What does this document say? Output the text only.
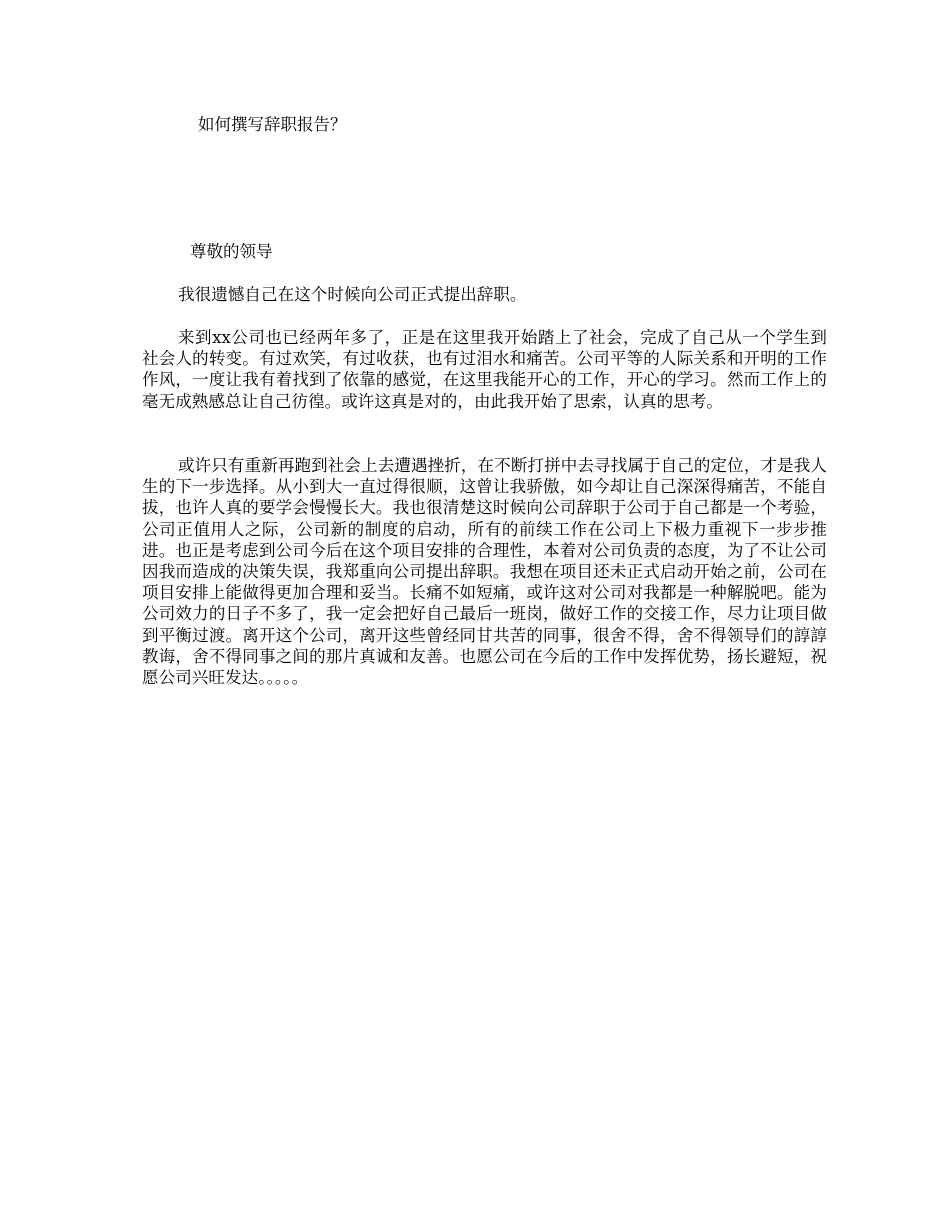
如何撰写辞职报告？
尊敬的领导

我很遗憾自己在这个时候向公司正式提出辞职。

来到xx公司也已经两年多了，正是在这里我开始踏上了社会，完成了自己从一个学生到社会人的转变。有过欢笑，有过收获，也有过泪水和痛苦。公司平等的人际关系和开明的工作作风，一度让我有着找到了依靠的感觉，在这里我能开心的工作，开心的学习。然而工作上的毫无成熟感总让自己彷徨。或许这真是对的，由此我开始了思索，认真的思考。

或许只有重新再跑到社会上去遭遇挫折，在不断打拼中去寻找属于自己的定位，才是我人生的下一步选择。从小到大一直过得很顺，这曾让我骄傲，如今却让自己深深得痛苦，不能自拔，也许人真的要学会慢慢长大。我也很清楚这时候向公司辞职于公司于自己都是一个考验，公司正值用人之际，公司新的制度的启动，所有的前续工作在公司上下极力重视下一步步推进。也正是考虑到公司今后在这个项目安排的合理性，本着对公司负责的态度，为了不让公司因我而造成的决策失误，我郑重向公司提出辞职。我想在项目还未正式启动开始之前，公司在项目安排上能做得更加合理和妥当。长痛不如短痛，或许这对公司对我都是一种解脱吧。能为公司效力的日子不多了，我一定会把好自己最后一班岗，做好工作的交接工作，尽力让项目做到平衡过渡。离开这个公司，离开这些曾经同甘共苦的同事，很舍不得，舍不得领导们的諄諄教诲，舍不得同事之间的那片真诚和友善。也愿公司在今后的工作中发挥优势，扬长避短，祝愿公司兴旺发达。。。。。
